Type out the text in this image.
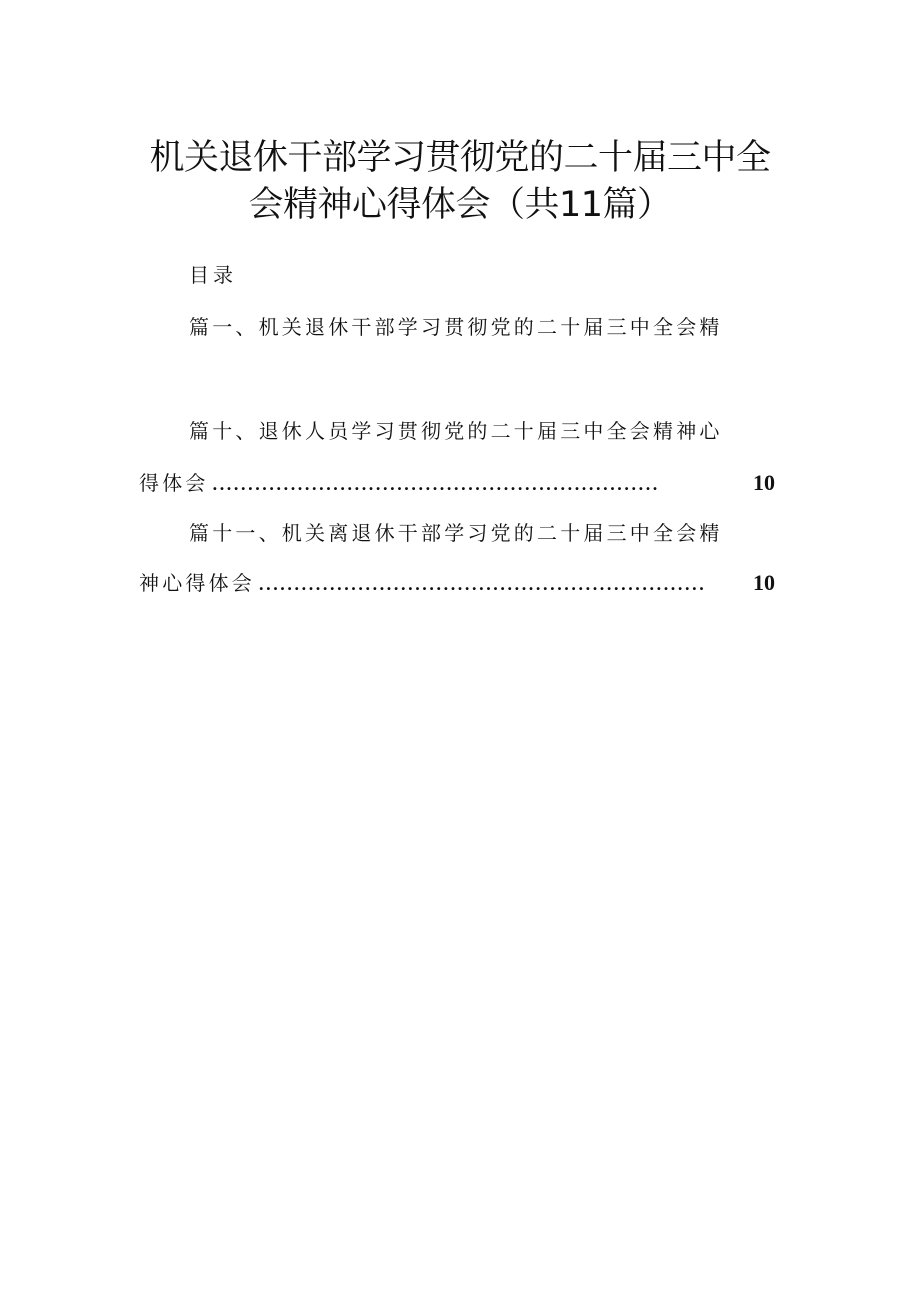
机关退休干部学习贯彻党的二十届三中全
会精神心得体会（共11篇）
目录
篇一、机关退休干部学习贯彻党的二十届三中全会精
篇十、退休人员学习贯彻党的二十届三中全会精神心
得体会 ...............................................................	10
篇十一、机关离退休干部学习党的二十届三中全会精
神心得体会 ...............................................................	10
